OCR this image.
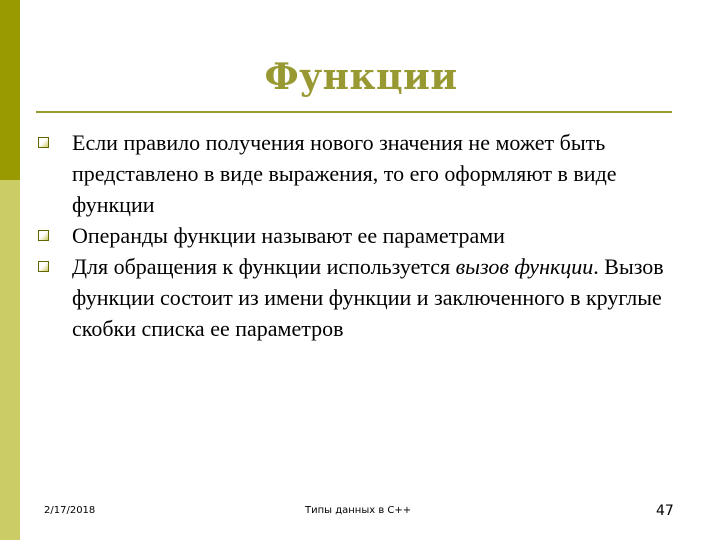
Функции
Если правило получения нового значения не может быть представлено в виде выражения, то его оформляют в виде функции
Операнды функции называют ее параметрами
Для обращения к функции используется вызов функции. Вызов функции состоит из имени функции и заключенного в круглые скобки списка ее параметров
2/17/2018	Типы данных в С++	47
